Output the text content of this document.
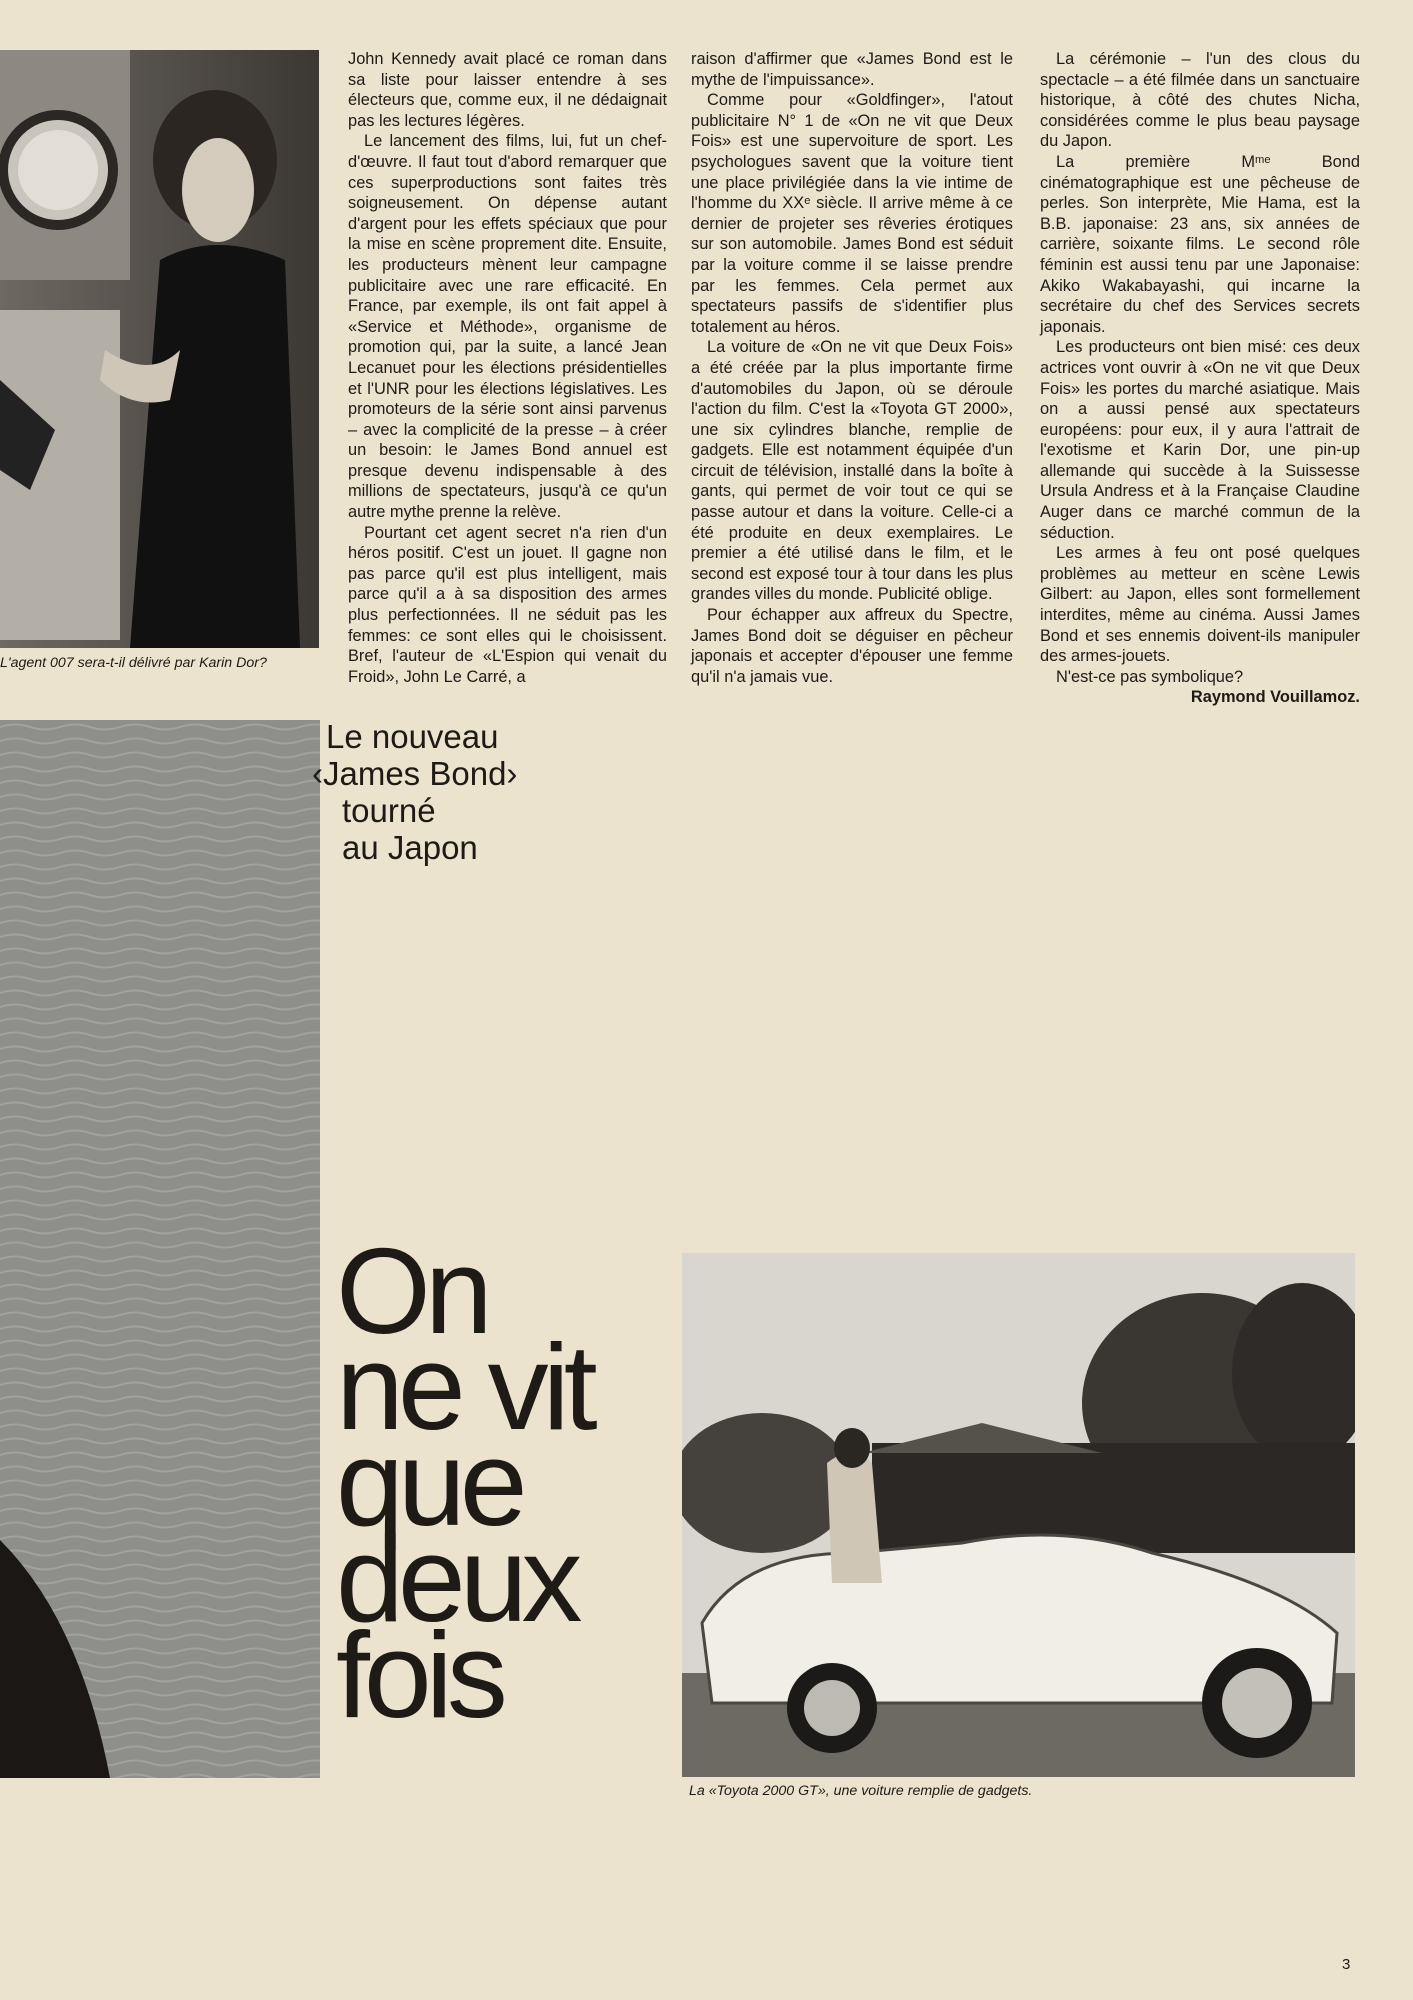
L'agent 007 sera-t-il délivré par Karin Dor?
La «Toyota 2000 GT», une voiture remplie de gadgets.

John Kennedy avait placé ce roman dans sa liste pour laisser entendre à ses électeurs que, comme eux, il ne dédaignait pas les lectures légères.

Le lancement des films, lui, fut un chef-d'œuvre. Il faut tout d'abord remarquer que ces superproductions sont faites très soigneusement. On dépense autant d'argent pour les effets spéciaux que pour la mise en scène proprement dite. Ensuite, les producteurs mènent leur campagne publicitaire avec une rare efficacité. En France, par exemple, ils ont fait appel à «Service et Méthode», organisme de promotion qui, par la suite, a lancé Jean Lecanuet pour les élections présidentielles et l'UNR pour les élections législatives. Les promoteurs de la série sont ainsi parvenus – avec la complicité de la presse – à créer un besoin: le James Bond annuel est presque devenu indispensable à des millions de spectateurs, jusqu'à ce qu'un autre mythe prenne la relève.

Pourtant cet agent secret n'a rien d'un héros positif. C'est un jouet. Il gagne non pas parce qu'il est plus intelligent, mais parce qu'il a à sa disposition des armes plus perfectionnées. Il ne séduit pas les femmes: ce sont elles qui le choisissent. Bref, l'auteur de «L'Espion qui venait du Froid», John Le Carré, a

raison d'affirmer que «James Bond est le mythe de l'impuissance».

Comme pour «Goldfinger», l'atout publicitaire N° 1 de «On ne vit que Deux Fois» est une supervoiture de sport. Les psychologues savent que la voiture tient une place privilégiée dans la vie intime de l'homme du XXᵉ siècle. Il arrive même à ce dernier de projeter ses rêveries érotiques sur son automobile. James Bond est séduit par la voiture comme il se laisse prendre par les femmes. Cela permet aux spectateurs passifs de s'identifier plus totalement au héros.

La voiture de «On ne vit que Deux Fois» a été créée par la plus importante firme d'automobiles du Japon, où se déroule l'action du film. C'est la «Toyota GT 2000», une six cylindres blanche, remplie de gadgets. Elle est notamment équipée d'un circuit de télévision, installé dans la boîte à gants, qui permet de voir tout ce qui se passe autour et dans la voiture. Celle-ci a été produite en deux exemplaires. Le premier a été utilisé dans le film, et le second est exposé tour à tour dans les plus grandes villes du monde. Publicité oblige.

Pour échapper aux affreux du Spectre, James Bond doit se déguiser en pêcheur japonais et accepter d'épouser une femme qu'il n'a jamais vue.

La cérémonie – l'un des clous du spectacle – a été filmée dans un sanctuaire historique, à côté des chutes Nicha, considérées comme le plus beau paysage du Japon.

La première Mᵐᵉ Bond cinématographique est une pêcheuse de perles. Son interprète, Mie Hama, est la B.B. japonaise: 23 ans, six années de carrière, soixante films. Le second rôle féminin est aussi tenu par une Japonaise: Akiko Wakabayashi, qui incarne la secrétaire du chef des Services secrets japonais.

Les producteurs ont bien misé: ces deux actrices vont ouvrir à «On ne vit que Deux Fois» les portes du marché asiatique. Mais on a aussi pensé aux spectateurs européens: pour eux, il y aura l'attrait de l'exotisme et Karin Dor, une pin-up allemande qui succède à la Suissesse Ursula Andress et à la Française Claudine Auger dans ce marché commun de la séduction.

Les armes à feu ont posé quelques problèmes au metteur en scène Lewis Gilbert: au Japon, elles sont formellement interdites, même au cinéma. Aussi James Bond et ses ennemis doivent-ils manipuler des armes-jouets.

N'est-ce pas symbolique?

Raymond Vouillamoz.

Le nouveau
‹James Bond›
tourné
au Japon
On
ne vit
que
deux
fois
3
